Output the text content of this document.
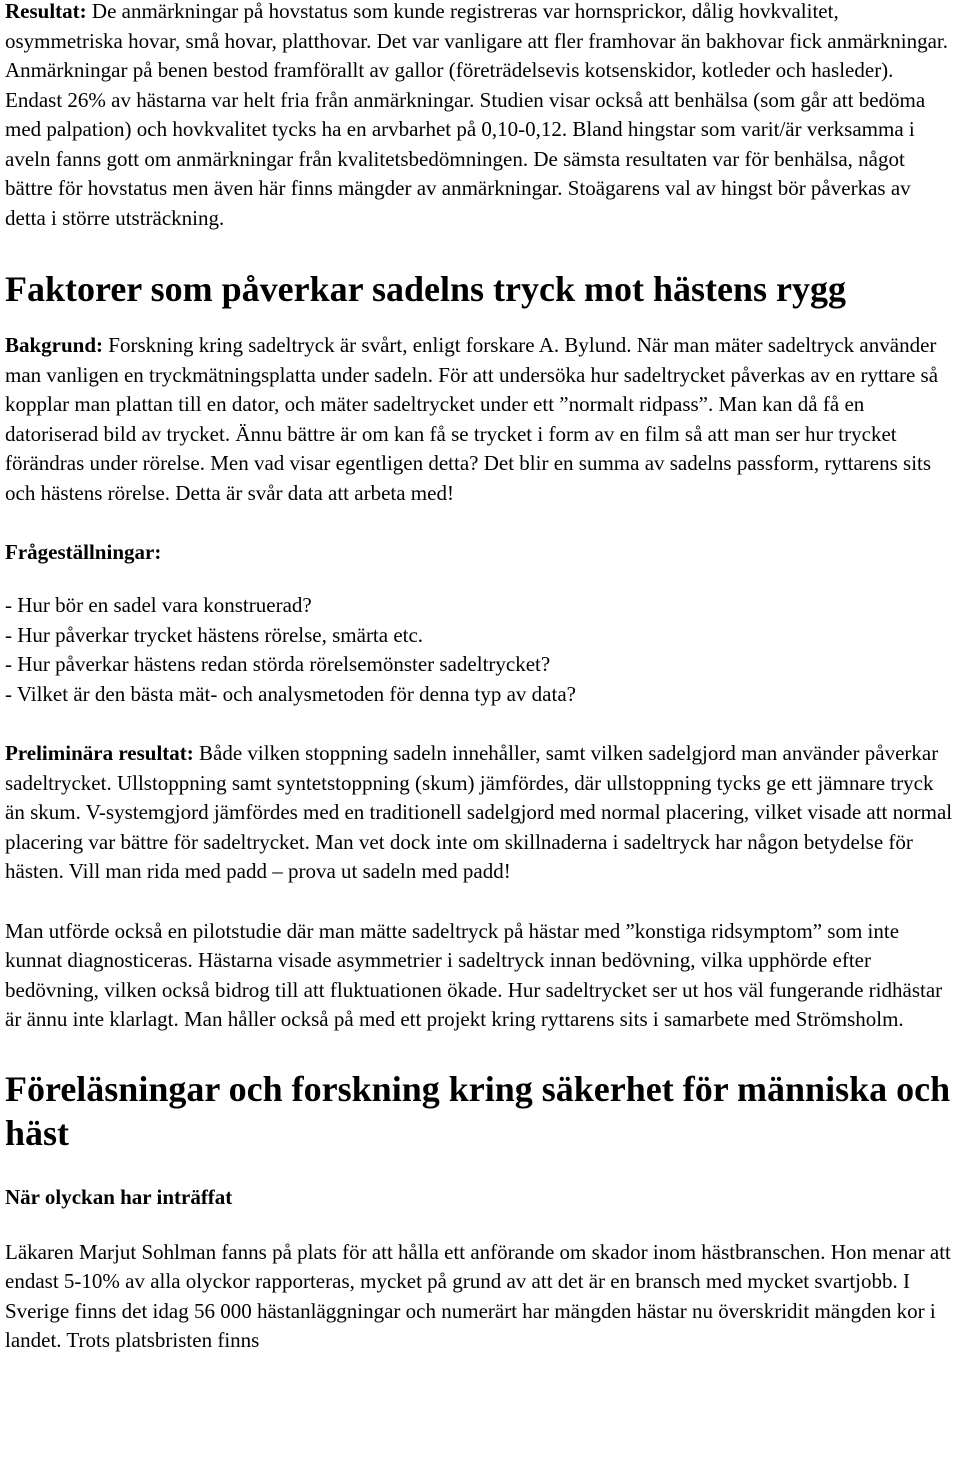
Resultat: De anmärkningar på hovstatus som kunde registreras var hornsprickor, dålig hovkvalitet, osymmetriska hovar, små hovar, platthovar. Det var vanligare att fler framhovar än bakhovar fick anmärkningar. Anmärkningar på benen bestod framförallt av gallor (företrädelsevis kotsenskidor, kotleder och hasleder). Endast 26% av hästarna var helt fria från anmärkningar. Studien visar också att benhälsa (som går att bedöma med palpation) och hovkvalitet tycks ha en arvbarhet på 0,10-0,12. Bland hingstar som varit/är verksamma i aveln fanns gott om anmärkningar från kvalitetsbedömningen. De sämsta resultaten var för benhälsa, något bättre för hovstatus men även här finns mängder av anmärkningar. Stoägarens val av hingst bör påverkas av detta i större utsträckning.

Faktorer som påverkar sadelns tryck mot hästens rygg

Bakgrund: Forskning kring sadeltryck är svårt, enligt forskare A. Bylund. När man mäter sadeltryck använder man vanligen en tryckmätningsplatta under sadeln. För att undersöka hur sadeltrycket påverkas av en ryttare så kopplar man plattan till en dator, och mäter sadeltrycket under ett ”normalt ridpass”. Man kan då få en datoriserad bild av trycket. Ännu bättre är om kan få se trycket i form av en film så att man ser hur trycket förändras under rörelse. Men vad visar egentligen detta? Det blir en summa av sadelns passform, ryttarens sits och hästens rörelse. Detta är svår data att arbeta med!

Frågeställningar:
- Hur bör en sadel vara konstruerad?
- Hur påverkar trycket hästens rörelse, smärta etc.
- Hur påverkar hästens redan störda rörelsemönster sadeltrycket?
- Vilket är den bästa mät- och analysmetoden för denna typ av data?

Preliminära resultat: Både vilken stoppning sadeln innehåller, samt vilken sadelgjord man använder påverkar sadeltrycket. Ullstoppning samt syntetstoppning (skum) jämfördes, där ullstoppning tycks ge ett jämnare tryck än skum. V-systemgjord jämfördes med en traditionell sadelgjord med normal placering, vilket visade att normal placering var bättre för sadeltrycket. Man vet dock inte om skillnaderna i sadeltryck har någon betydelse för hästen. Vill man rida med padd – prova ut sadeln med padd!

Man utförde också en pilotstudie där man mätte sadeltryck på hästar med ”konstiga ridsymptom” som inte kunnat diagnosticeras. Hästarna visade asymmetrier i sadeltryck innan bedövning, vilka upphörde efter bedövning, vilken också bidrog till att fluktuationen ökade. Hur sadeltrycket ser ut hos väl fungerande ridhästar är ännu inte klarlagt. Man håller också på med ett projekt kring ryttarens sits i samarbete med Strömsholm.

Föreläsningar och forskning kring säkerhet för människa och häst
När olyckan har inträffat

Läkaren Marjut Sohlman fanns på plats för att hålla ett anförande om skador inom hästbranschen. Hon menar att endast 5-10% av alla olyckor rapporteras, mycket på grund av att det är en bransch med mycket svartjobb. I Sverige finns det idag 56 000 hästanläggningar och numerärt har mängden hästar nu överskridit mängden kor i landet. Trots platsbristen finns
